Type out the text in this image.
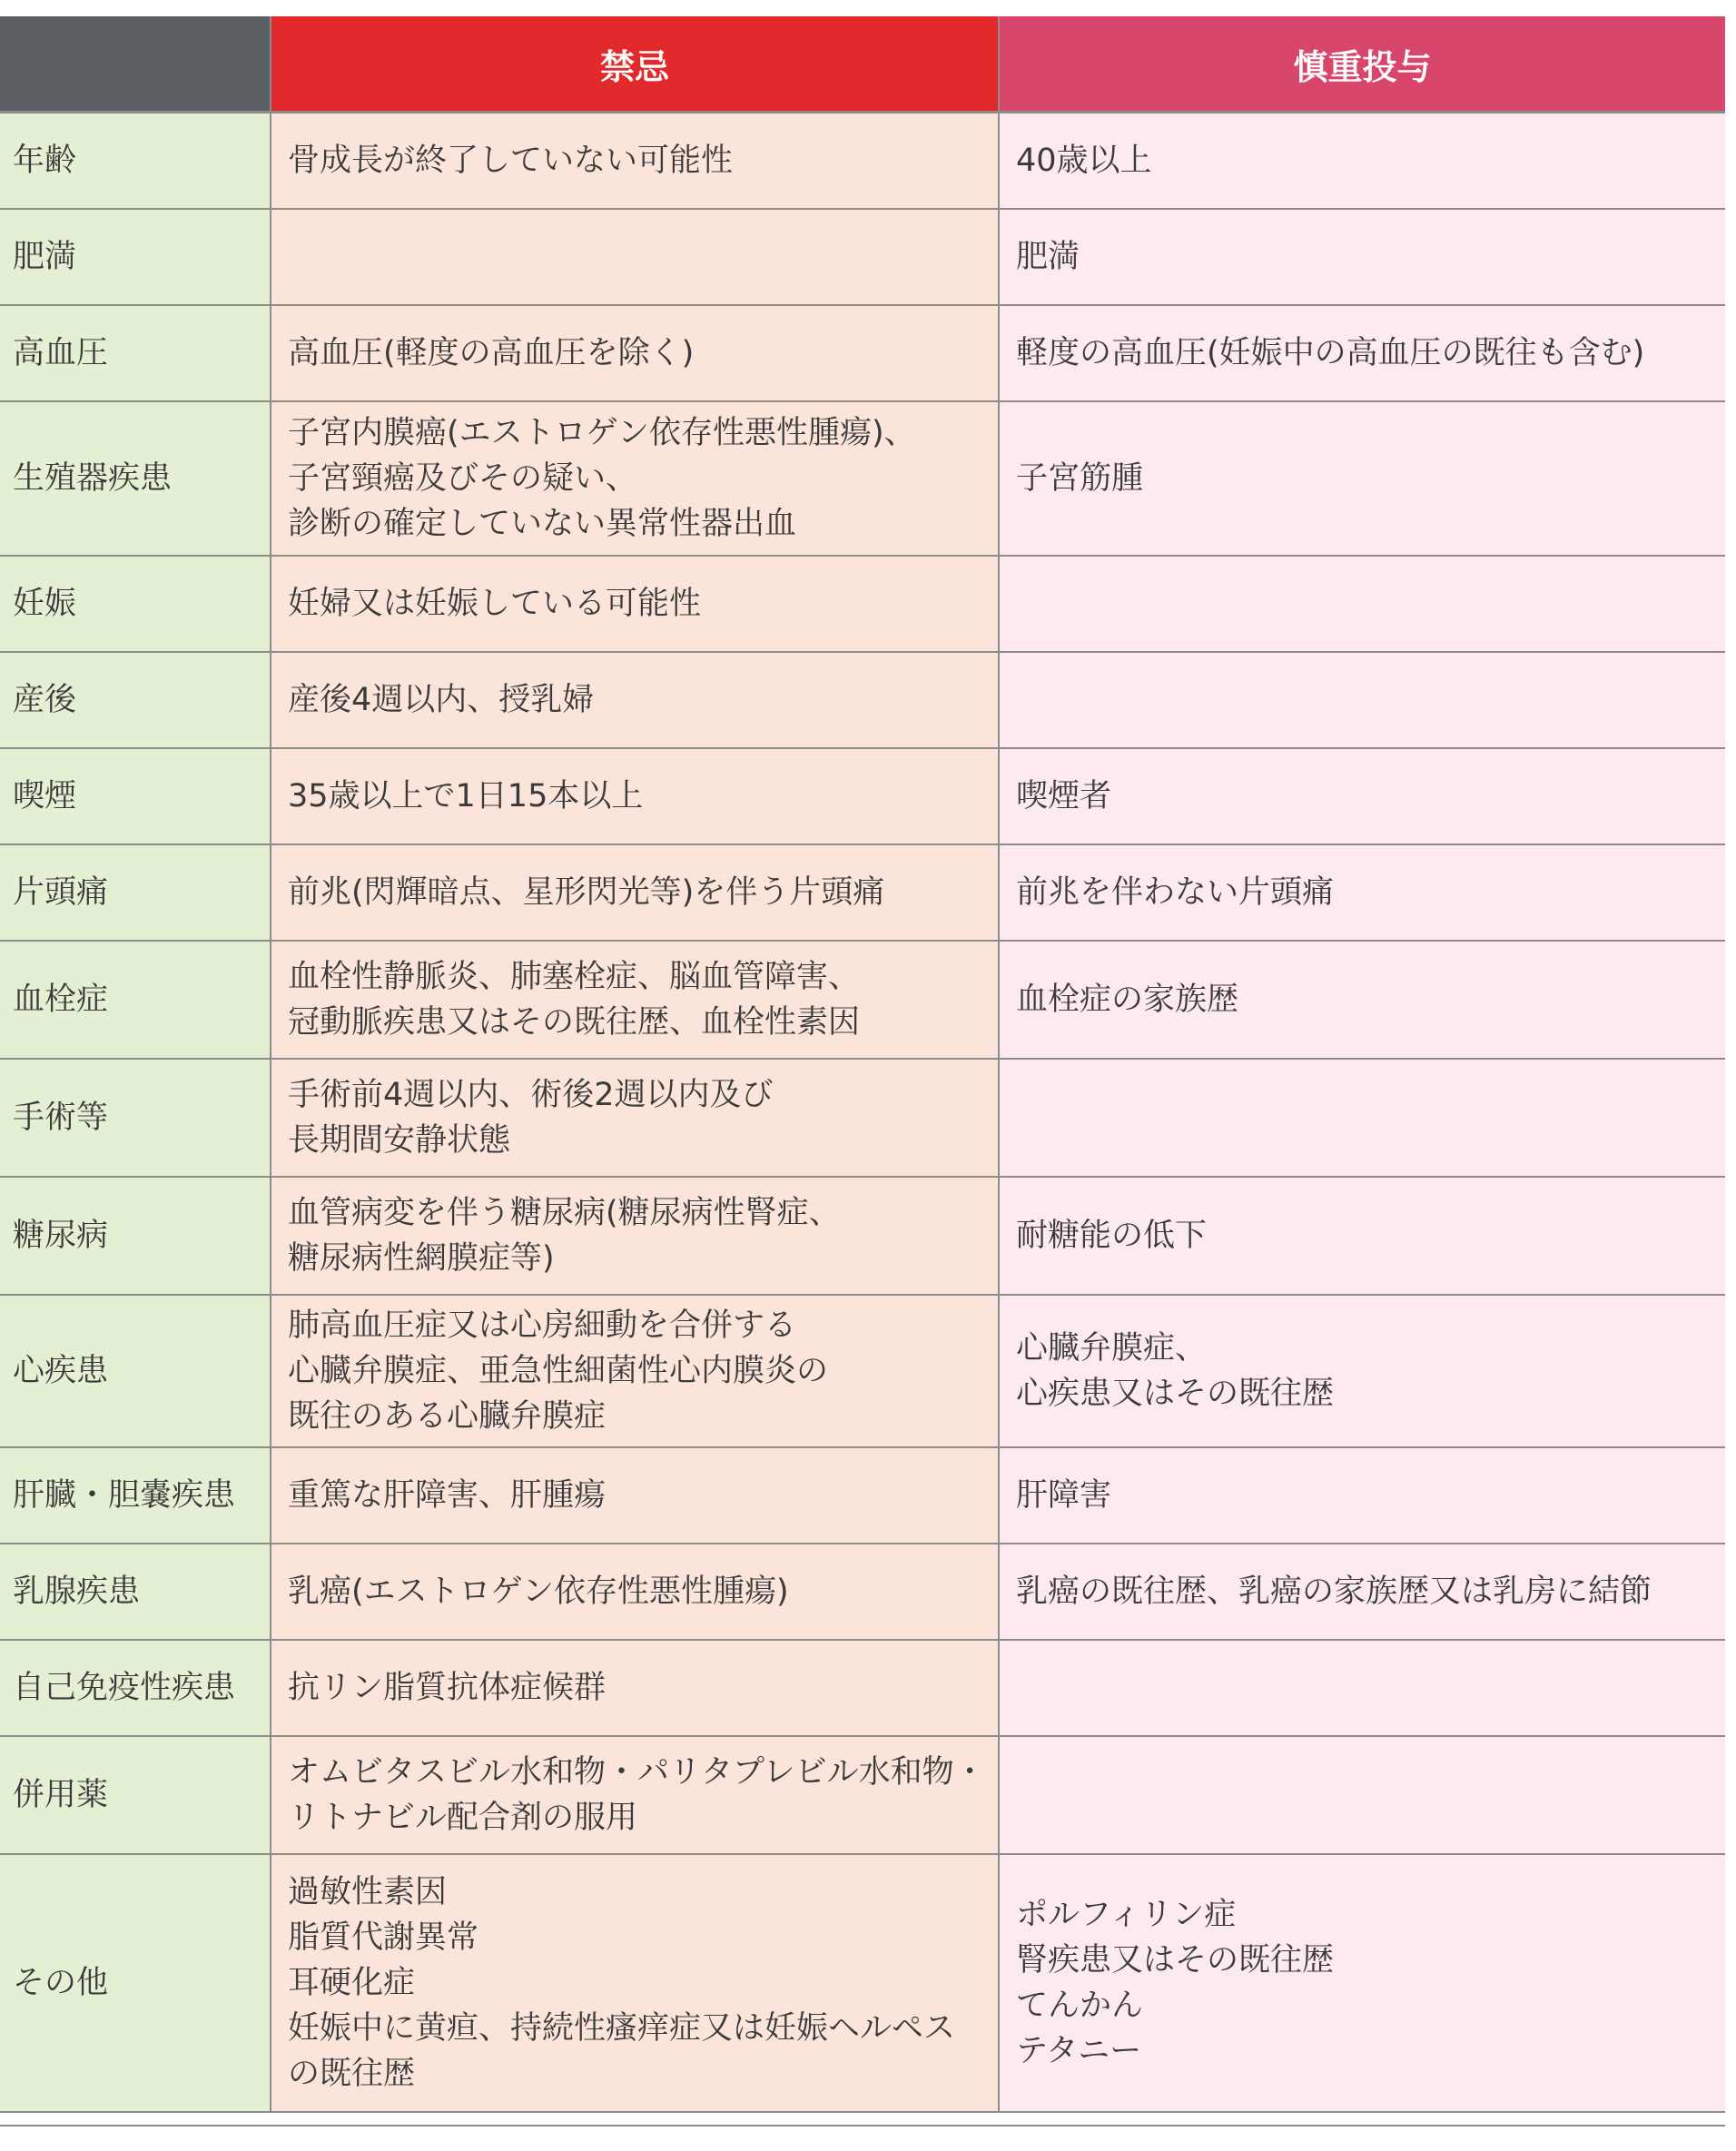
	禁忌	慎重投与
年齢	骨成長が終了していない可能性	40歳以上

肥満		肥満

高血圧	高血圧(軽度の高血圧を除く)	軽度の高血圧(妊娠中の高血圧の既往も含む)

生殖器疾患	子宮内膜癌(エストロゲン依存性悪性腫瘍)、
子宮頸癌及びその疑い、
診断の確定していない異常性器出血	子宮筋腫

妊娠	妊婦又は妊娠している可能性	

産後	産後4週以内、授乳婦	

喫煙	35歳以上で1日15本以上	喫煙者

片頭痛	前兆(閃輝暗点、星形閃光等)を伴う片頭痛	前兆を伴わない片頭痛

血栓症	血栓性静脈炎、肺塞栓症、脳血管障害、
冠動脈疾患又はその既往歴、血栓性素因	血栓症の家族歴

手術等	手術前4週以内、術後2週以内及び
長期間安静状態	

糖尿病	血管病変を伴う糖尿病(糖尿病性腎症、
糖尿病性網膜症等)	耐糖能の低下

心疾患	肺高血圧症又は心房細動を合併する
心臓弁膜症、亜急性細菌性心内膜炎の
既往のある心臓弁膜症	心臓弁膜症、
心疾患又はその既往歴

肝臓・胆嚢疾患	重篤な肝障害、肝腫瘍	肝障害

乳腺疾患	乳癌(エストロゲン依存性悪性腫瘍)	乳癌の既往歴、乳癌の家族歴又は乳房に結節

自己免疫性疾患	抗リン脂質抗体症候群	

併用薬	オムビタスビル水和物・パリタプレビル水和物・
リトナビル配合剤の服用	

その他	過敏性素因
脂質代謝異常
耳硬化症
妊娠中に黄疸、持続性瘙痒症又は妊娠ヘルペス
の既往歴	ポルフィリン症
腎疾患又はその既往歴
てんかん
テタニー
